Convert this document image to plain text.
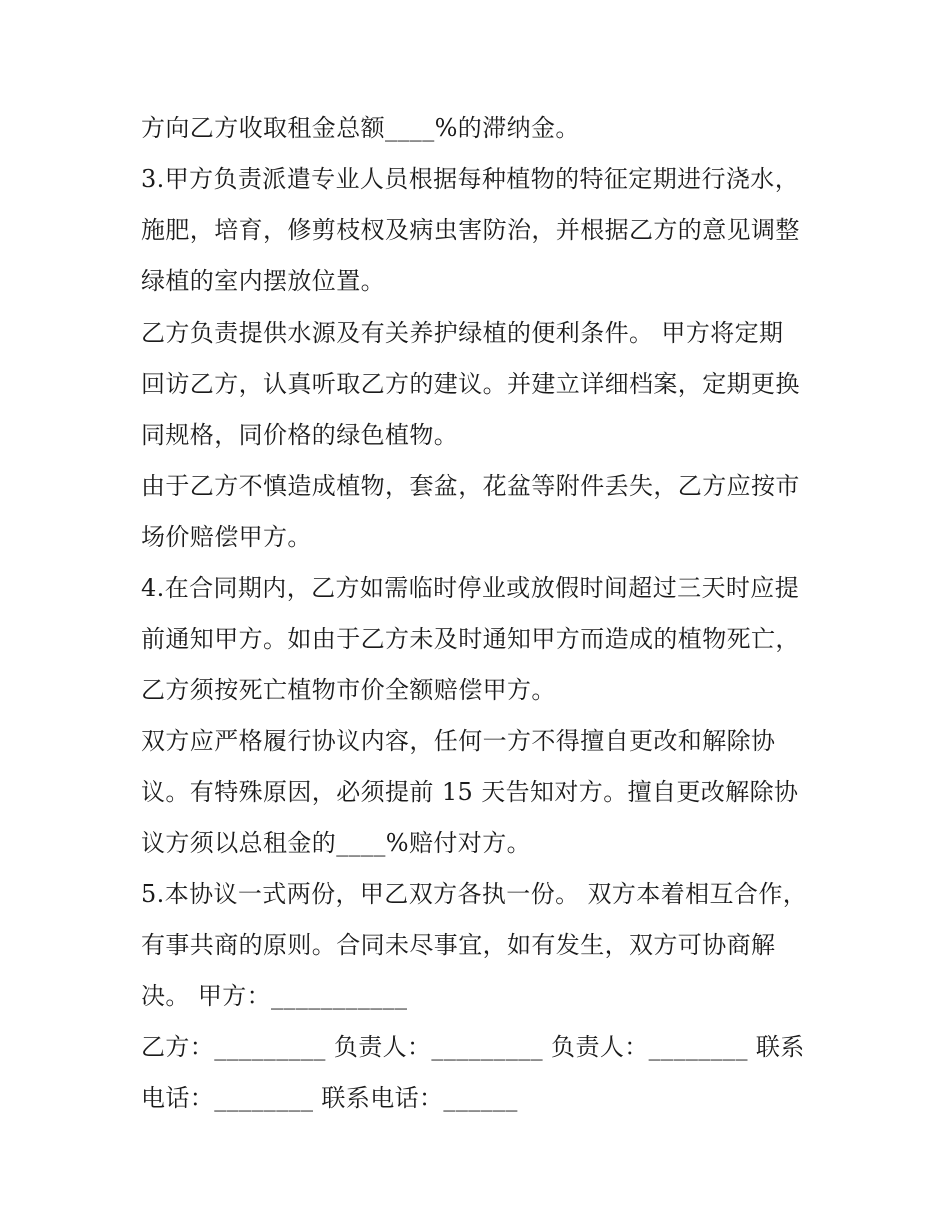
方向乙方收取租金总额____%的滞纳金。
3.甲方负责派遣专业人员根据每种植物的特征定期进行浇水，
施肥，培育，修剪枝杈及病虫害防治，并根据乙方的意见调整
绿植的室内摆放位置。
乙方负责提供水源及有关养护绿植的便利条件。 甲方将定期
回访乙方，认真听取乙方的建议。并建立详细档案，定期更换
同规格，同价格的绿色植物。
由于乙方不慎造成植物，套盆，花盆等附件丢失，乙方应按市
场价赔偿甲方。
4.在合同期内，乙方如需临时停业或放假时间超过三天时应提
前通知甲方。如由于乙方未及时通知甲方而造成的植物死亡，
乙方须按死亡植物市价全额赔偿甲方。
双方应严格履行协议内容，任何一方不得擅自更改和解除协
议。有特殊原因，必须提前 15 天告知对方。擅自更改解除协
议方须以总租金的____%赔付对方。
5.本协议一式两份，甲乙双方各执一份。 双方本着相互合作，
有事共商的原则。合同未尽事宜，如有发生，双方可协商解
决。 甲方：___________
乙方：_________ 负责人：_________ 负责人：________ 联系
电话：________ 联系电话：______
